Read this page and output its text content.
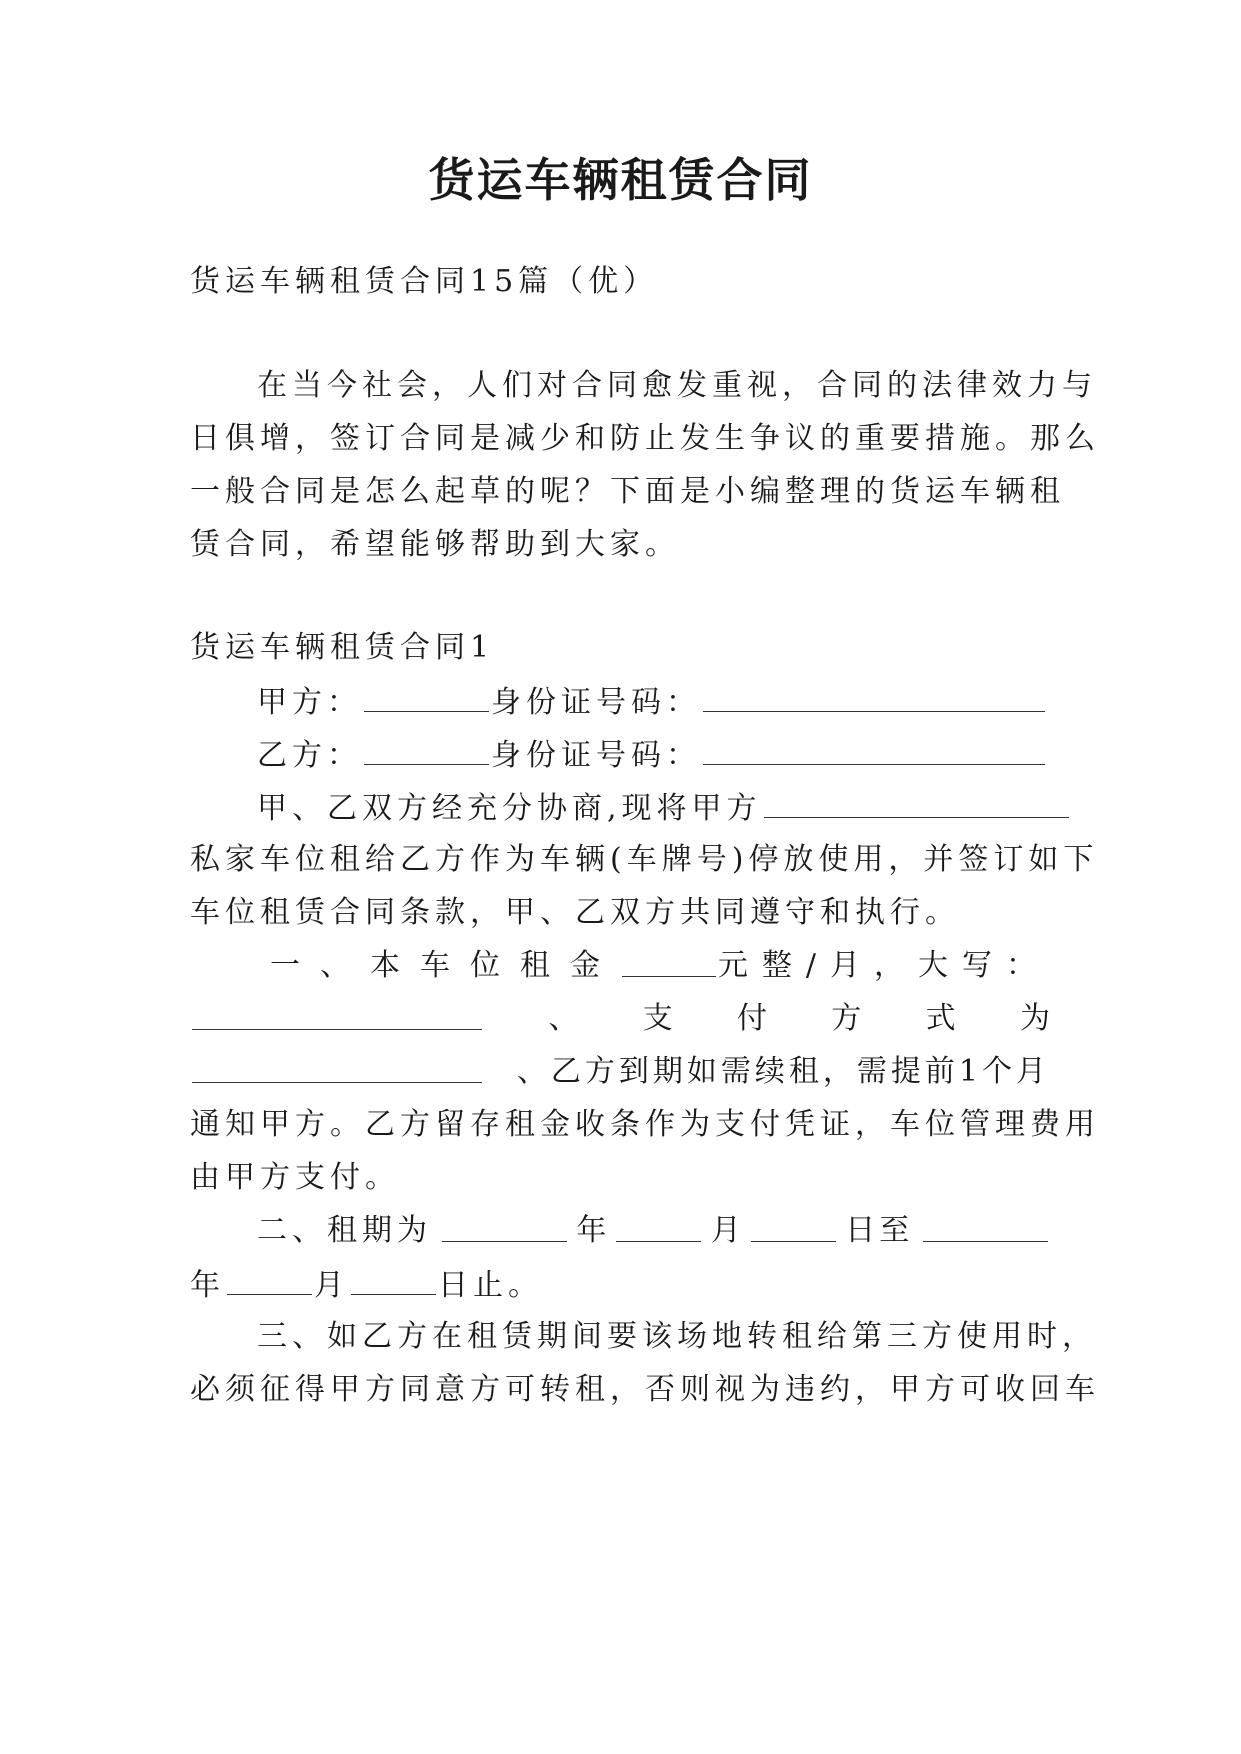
货运车辆租赁合同
货运车辆租赁合同15篇（优）
在当今社会，人们对合同愈发重视，合同的法律效力与
日俱增，签订合同是减少和防止发生争议的重要措施。那么
一般合同是怎么起草的呢？下面是小编整理的货运车辆租
赁合同，希望能够帮助到大家。
货运车辆租赁合同1
甲方：	身份证号码：
乙方：	身份证号码：
甲、乙双方经充分协商,现将甲方
私家车位租给乙方作为车辆(车牌号)停放使用，并签订如下
车位租赁合同条款，甲、乙双方共同遵守和执行。
一、本车位租金	元整/月，大写：
、 支 付 方 式 为
、乙方到期如需续租，需提前1个月
通知甲方。乙方留存租金收条作为支付凭证，车位管理费用
由甲方支付。
二、租期为	年	月	日至
年	月	日止。
三、如乙方在租赁期间要该场地转租给第三方使用时，
必须征得甲方同意方可转租，否则视为违约，甲方可收回车
